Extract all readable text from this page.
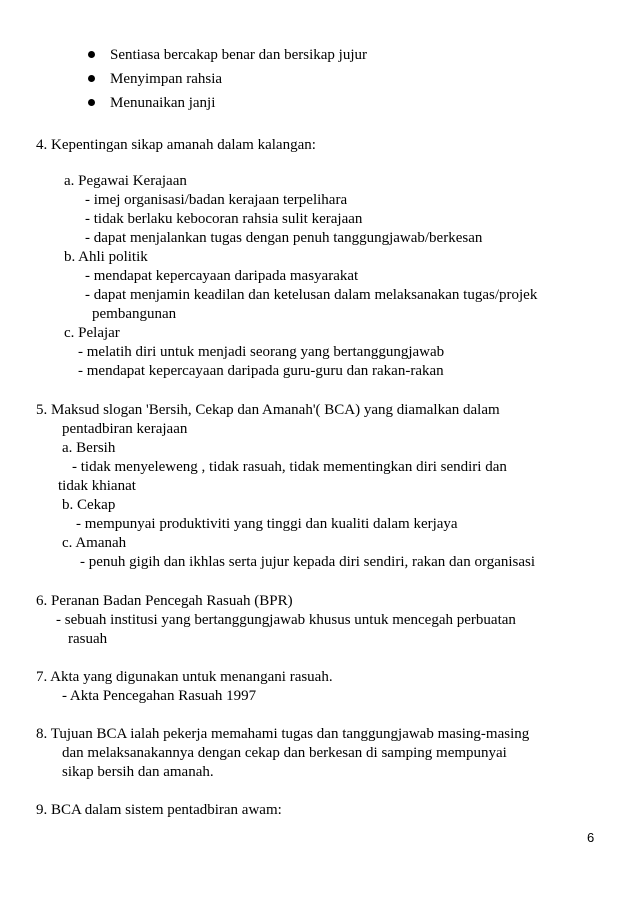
Sentiasa bercakap benar dan bersikap jujur
Menyimpan rahsia
Menunaikan janji
4. Kepentingan sikap amanah dalam kalangan:
a. Pegawai Kerajaan
- imej organisasi/badan kerajaan terpelihara
- tidak berlaku kebocoran rahsia sulit kerajaan
- dapat menjalankan tugas dengan penuh tanggungjawab/berkesan
b. Ahli politik
- mendapat kepercayaan daripada masyarakat
- dapat menjamin keadilan dan ketelusan dalam melaksanakan tugas/projek
pembangunan
c. Pelajar
- melatih diri untuk menjadi seorang yang bertanggungjawab
- mendapat kepercayaan daripada guru-guru dan rakan-rakan
5. Maksud slogan 'Bersih, Cekap dan Amanah'( BCA) yang diamalkan dalam
pentadbiran kerajaan
a. Bersih
- tidak menyeleweng , tidak rasuah, tidak mementingkan diri sendiri dan
tidak khianat
b. Cekap
- mempunyai produktiviti yang tinggi dan kualiti dalam kerjaya
c. Amanah
- penuh gigih dan ikhlas serta jujur kepada diri sendiri, rakan dan organisasi
6. Peranan Badan Pencegah Rasuah (BPR)
- sebuah institusi yang bertanggungjawab khusus untuk mencegah perbuatan
rasuah
7. Akta yang digunakan untuk menangani rasuah.
- Akta Pencegahan Rasuah 1997
8. Tujuan BCA ialah pekerja memahami tugas dan tanggungjawab masing-masing
dan melaksanakannya dengan cekap dan berkesan di samping mempunyai
sikap bersih dan amanah.
9. BCA dalam sistem pentadbiran awam:
6
